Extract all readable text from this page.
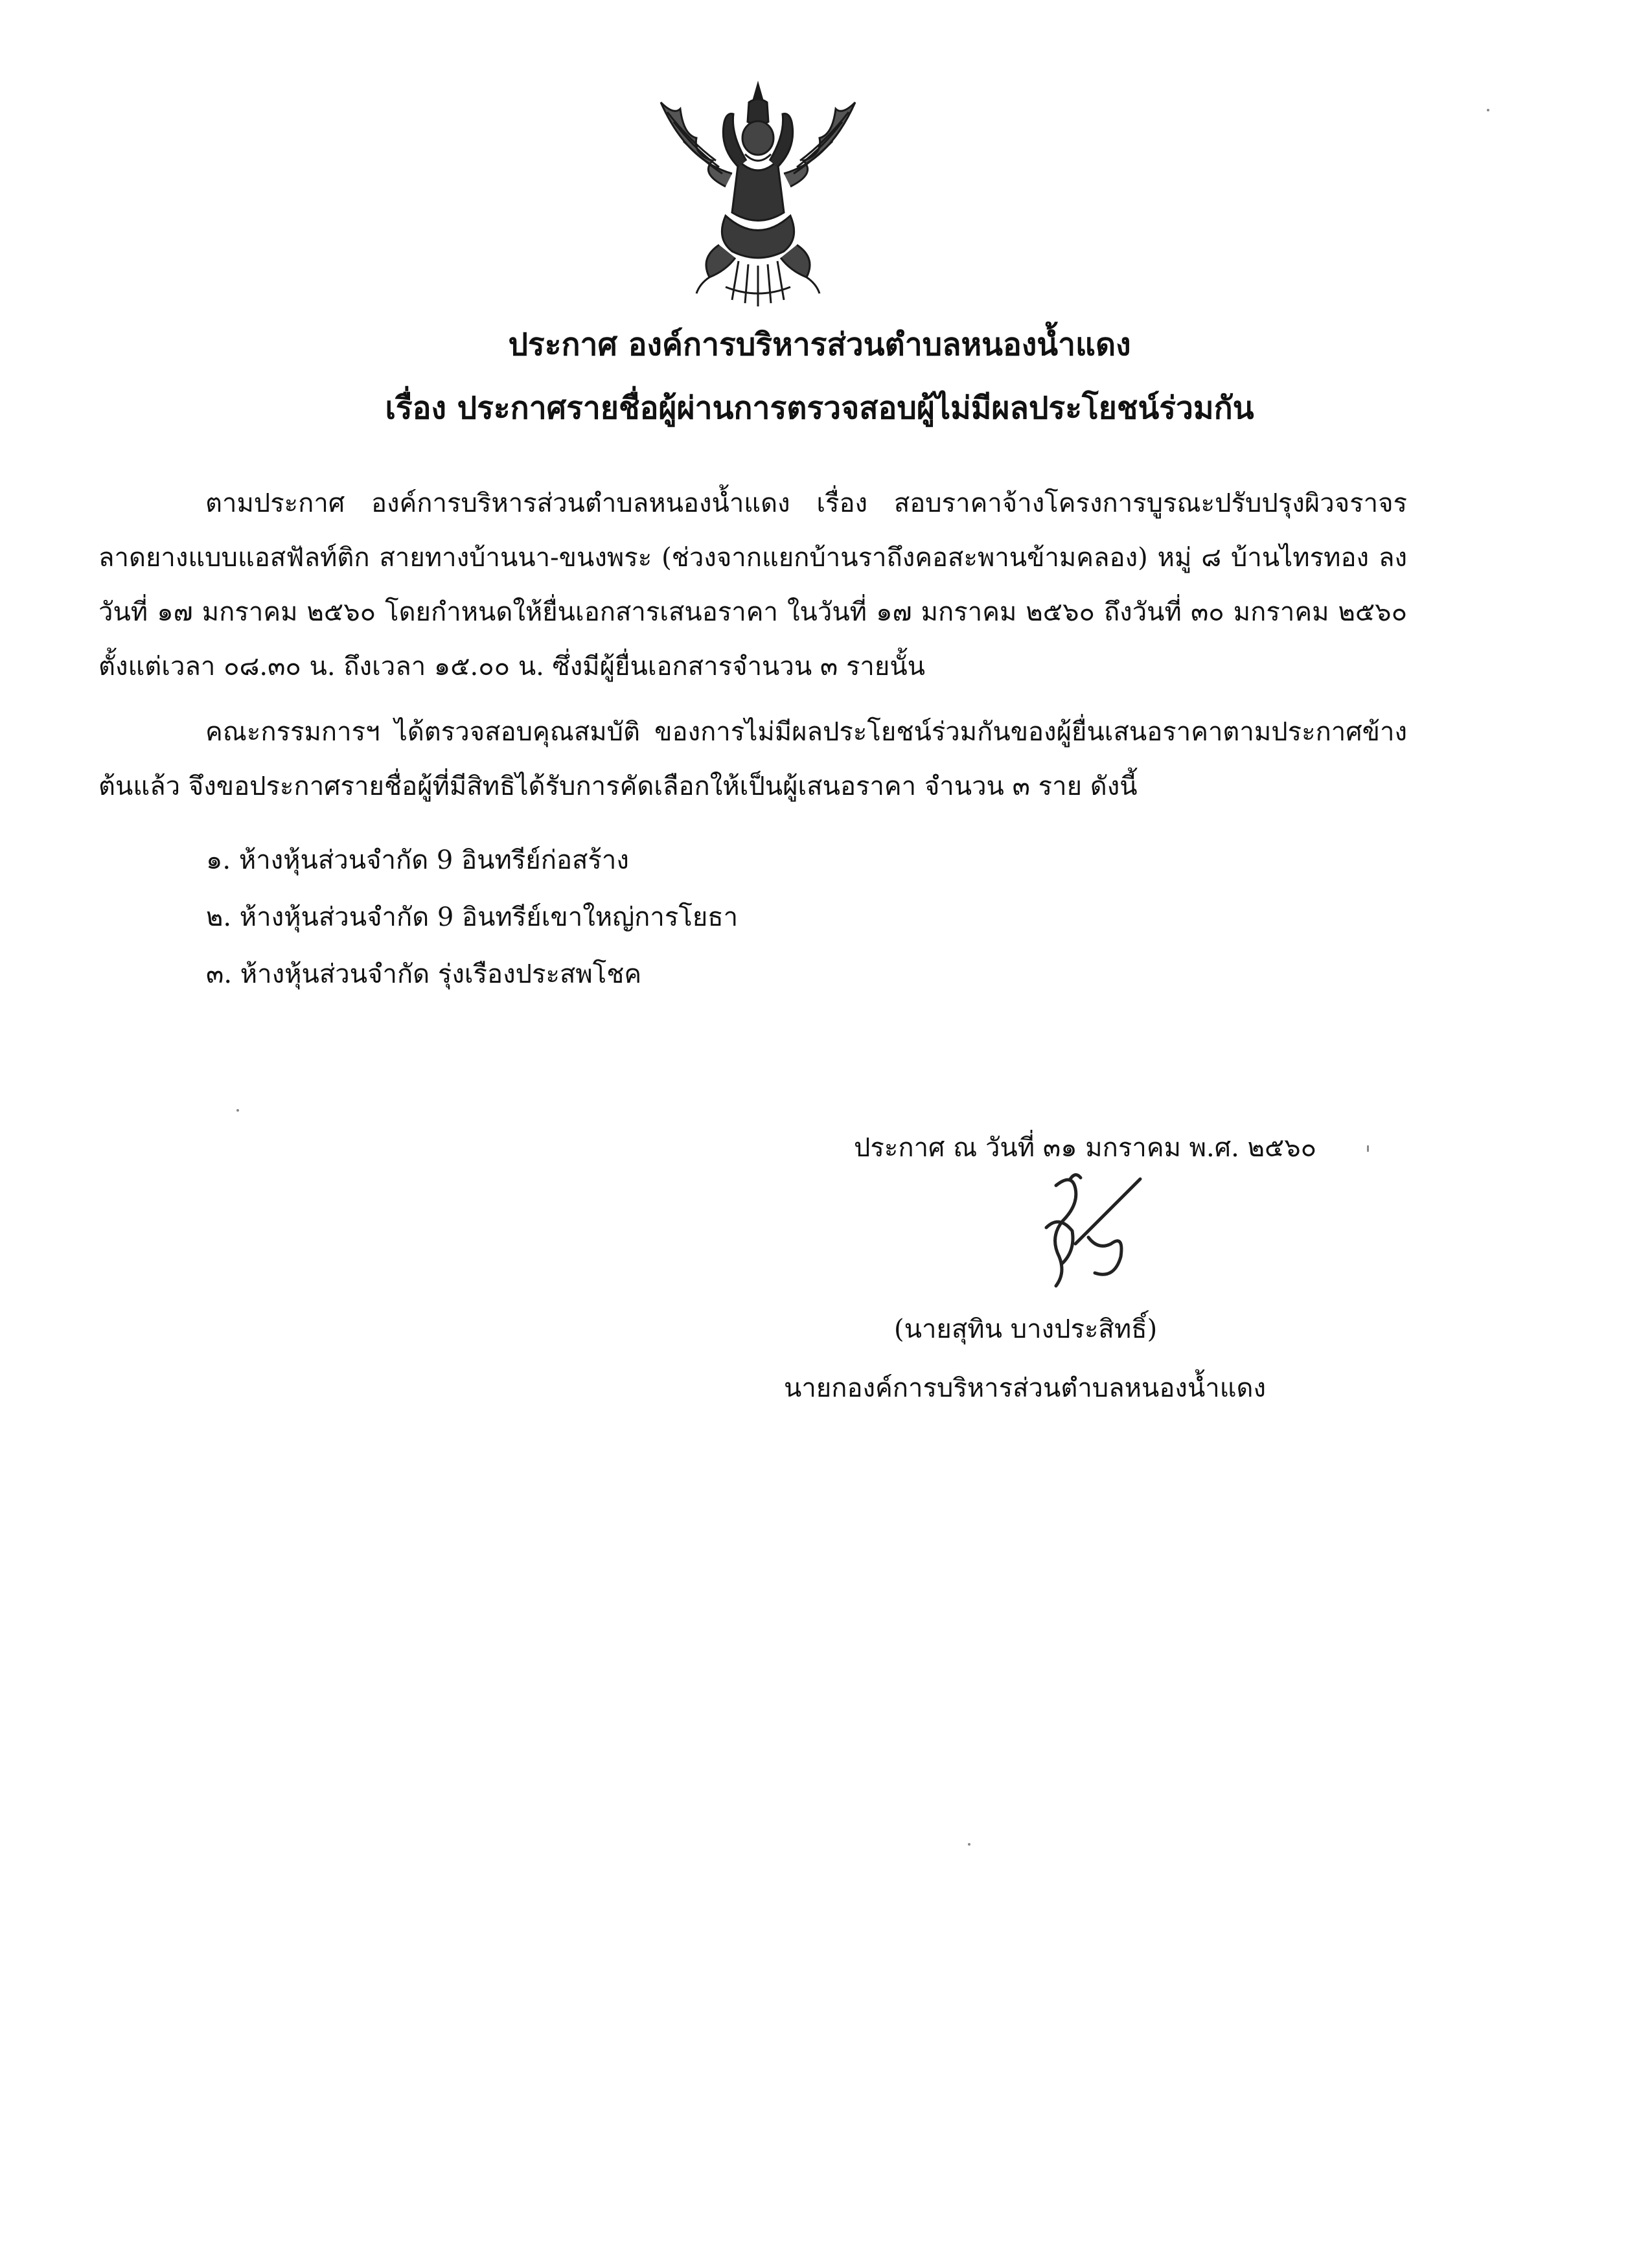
ประกาศ องค์การบริหารส่วนตำบลหนองน้ำแดง
เรื่อง ประกาศรายชื่อผู้ผ่านการตรวจสอบผู้ไม่มีผลประโยชน์ร่วมกัน

ตามประกาศ องค์การบริหารส่วนตำบลหนองน้ำแดง เรื่อง สอบราคาจ้างโครงการบูรณะปรับปรุงผิวจราจรลาดยางแบบแอสฟัลท์ติก สายทางบ้านนา-ขนงพระ (ช่วงจากแยกบ้านราถึงคอสะพานข้ามคลอง) หมู่ ๘ บ้านไทรทอง ลงวันที่ ๑๗ มกราคม ๒๕๖๐ โดยกำหนดให้ยื่นเอกสารเสนอราคา ในวันที่ ๑๗ มกราคม ๒๕๖๐ ถึงวันที่ ๓๐ มกราคม ๒๕๖๐ ตั้งแต่เวลา ๐๘.๓๐ น. ถึงเวลา ๑๕.๐๐ น. ซึ่งมีผู้ยื่นเอกสารจำนวน ๓ รายนั้น

คณะกรรมการฯ ได้ตรวจสอบคุณสมบัติ ของการไม่มีผลประโยชน์ร่วมกันของผู้ยื่นเสนอราคาตามประกาศข้างต้นแล้ว จึงขอประกาศรายชื่อผู้ที่มีสิทธิได้รับการคัดเลือกให้เป็นผู้เสนอราคา จำนวน ๓ ราย ดังนี้

๑. ห้างหุ้นส่วนจำกัด 9 อินทรีย์ก่อสร้าง
๒. ห้างหุ้นส่วนจำกัด 9 อินทรีย์เขาใหญ่การโยธา
๓. ห้างหุ้นส่วนจำกัด รุ่งเรืองประสพโชค
ประกาศ ณ วันที่ ๓๑ มกราคม พ.ศ. ๒๕๖๐
(นายสุทิน บางประสิทธิ์)
นายกองค์การบริหารส่วนตำบลหนองน้ำแดง
